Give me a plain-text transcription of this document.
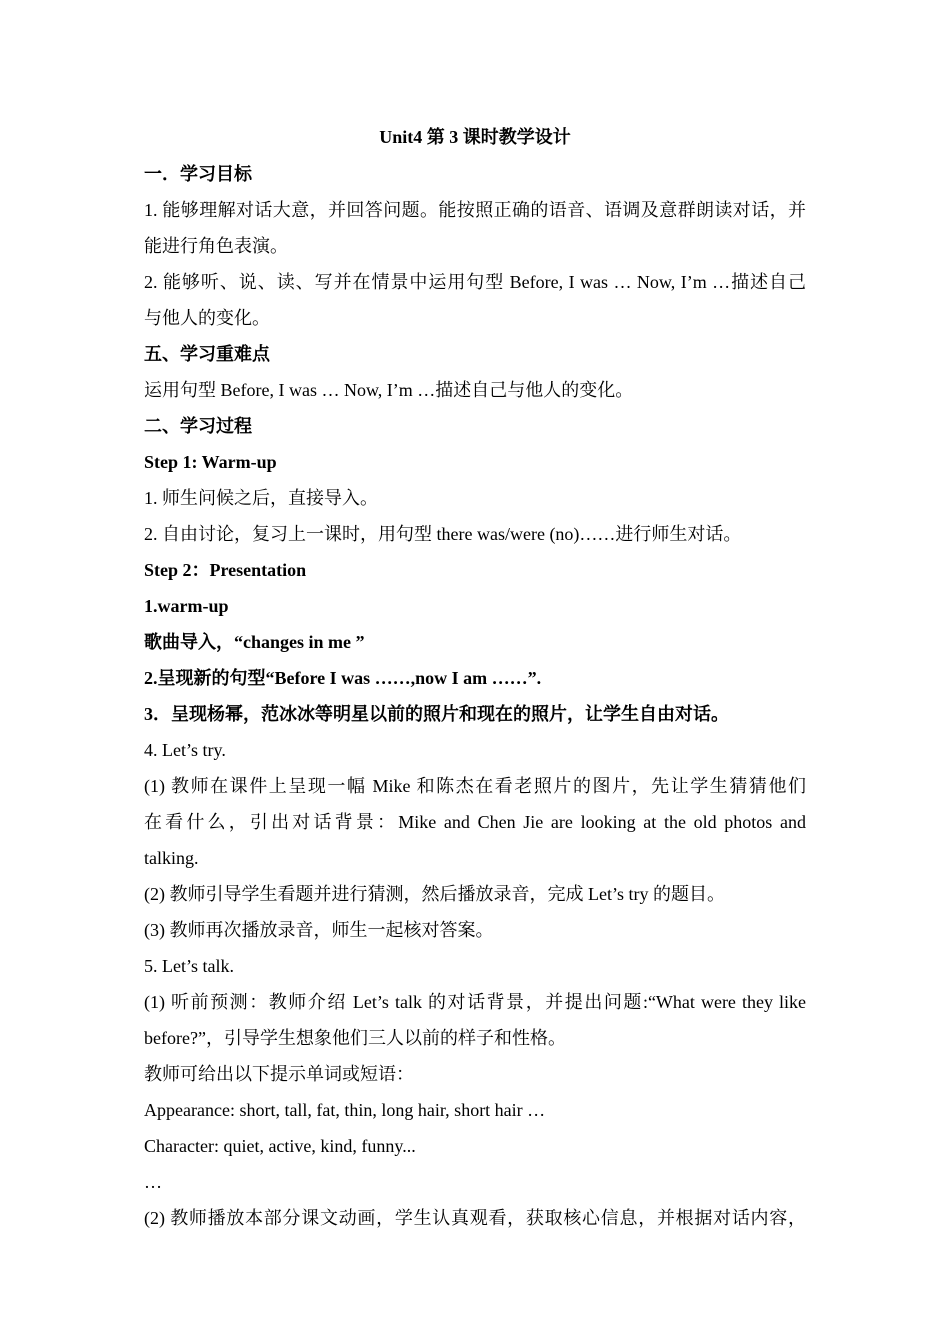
Unit4 第 3 课时教学设计
一．学习目标
1. 能够理解对话大意，并回答问题。能按照正确的语音、语调及意群朗读对话，并
能进行角色表演。
2. 能够听、说、读、写并在情景中运用句型 Before, I was … Now, I’m …描述自己
与他人的变化。
五、学习重难点
运用句型 Before, I was … Now, I’m …描述自己与他人的变化。
二、学习过程
Step 1: Warm-up
1. 师生问候之后，直接导入。
2. 自由讨论，复习上一课时，用句型 there was/were (no)……进行师生对话。
Step 2：Presentation
1.warm-up
歌曲导入，“changes in me ”
2.呈现新的句型“Before I was ……,now I am ……”.
3．呈现杨幂，范冰冰等明星以前的照片和现在的照片，让学生自由对话。
4. Let’s try.
(1) 教师在课件上呈现一幅 Mike 和陈杰在看老照片的图片，先让学生猜猜他们
在看什么，引出对话背景：Mike and Chen Jie are looking at the old photos and
talking.
(2) 教师引导学生看题并进行猜测，然后播放录音，完成 Let’s try 的题目。
(3) 教师再次播放录音，师生一起核对答案。
5. Let’s talk.
(1) 听前预测：教师介绍 Let’s talk 的对话背景，并提出问题:“What were they like
before?”，引导学生想象他们三人以前的样子和性格。
教师可给出以下提示单词或短语：
Appearance: short, tall, fat, thin, long hair, short hair …
Character: quiet, active, kind, funny...
…
(2) 教师播放本部分课文动画，学生认真观看，获取核心信息，并根据对话内容，
